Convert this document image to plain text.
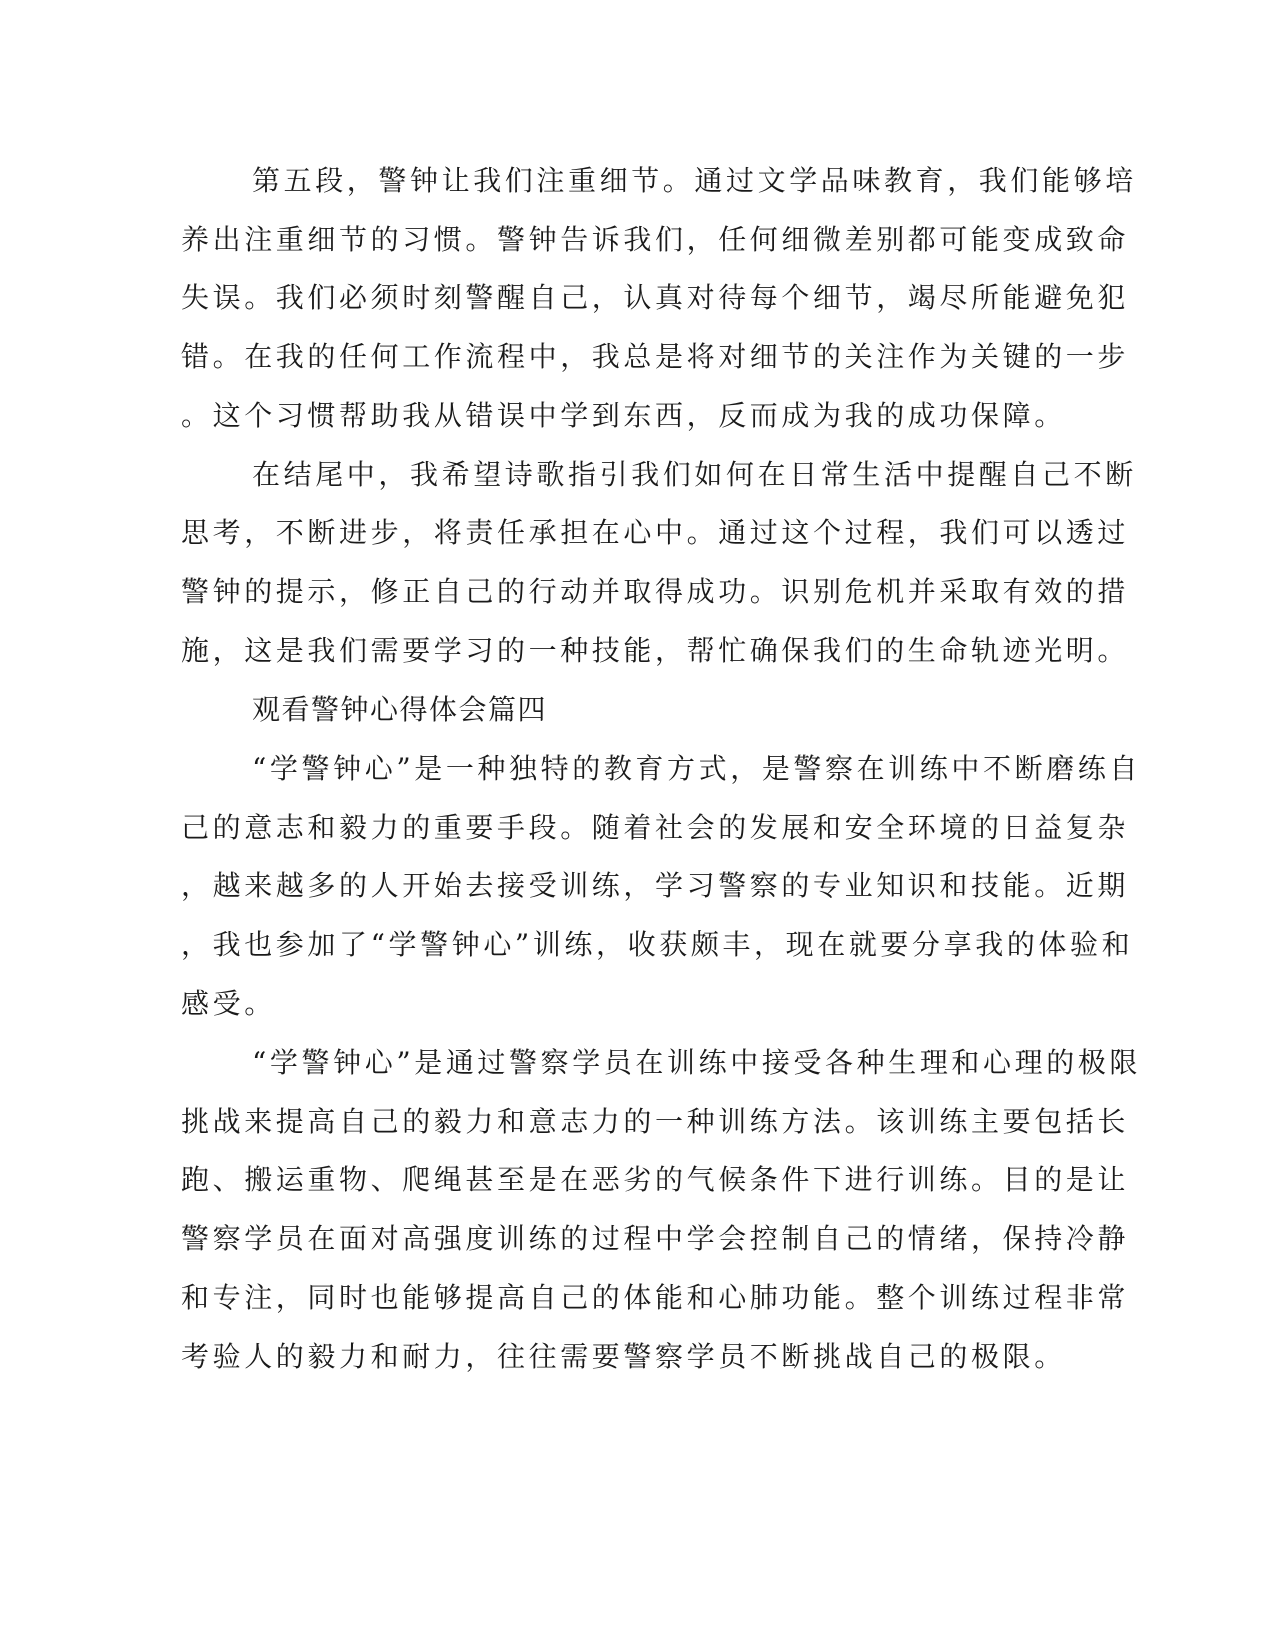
第五段，警钟让我们注重细节。通过文学品味教育，我们能够培
养出注重细节的习惯。警钟告诉我们，任何细微差别都可能变成致命
失误。我们必须时刻警醒自己，认真对待每个细节，竭尽所能避免犯
错。在我的任何工作流程中，我总是将对细节的关注作为关键的一步
。这个习惯帮助我从错误中学到东西，反而成为我的成功保障。
在结尾中，我希望诗歌指引我们如何在日常生活中提醒自己不断
思考，不断进步，将责任承担在心中。通过这个过程，我们可以透过
警钟的提示，修正自己的行动并取得成功。识别危机并采取有效的措
施，这是我们需要学习的一种技能，帮忙确保我们的生命轨迹光明。
观看警钟心得体会篇四
“学警钟心”是一种独特的教育方式，是警察在训练中不断磨练自
己的意志和毅力的重要手段。随着社会的发展和安全环境的日益复杂
，越来越多的人开始去接受训练，学习警察的专业知识和技能。近期
，我也参加了“学警钟心”训练，收获颇丰，现在就要分享我的体验和
感受。
“学警钟心”是通过警察学员在训练中接受各种生理和心理的极限
挑战来提高自己的毅力和意志力的一种训练方法。该训练主要包括长
跑、搬运重物、爬绳甚至是在恶劣的气候条件下进行训练。目的是让
警察学员在面对高强度训练的过程中学会控制自己的情绪，保持冷静
和专注，同时也能够提高自己的体能和心肺功能。整个训练过程非常
考验人的毅力和耐力，往往需要警察学员不断挑战自己的极限。
